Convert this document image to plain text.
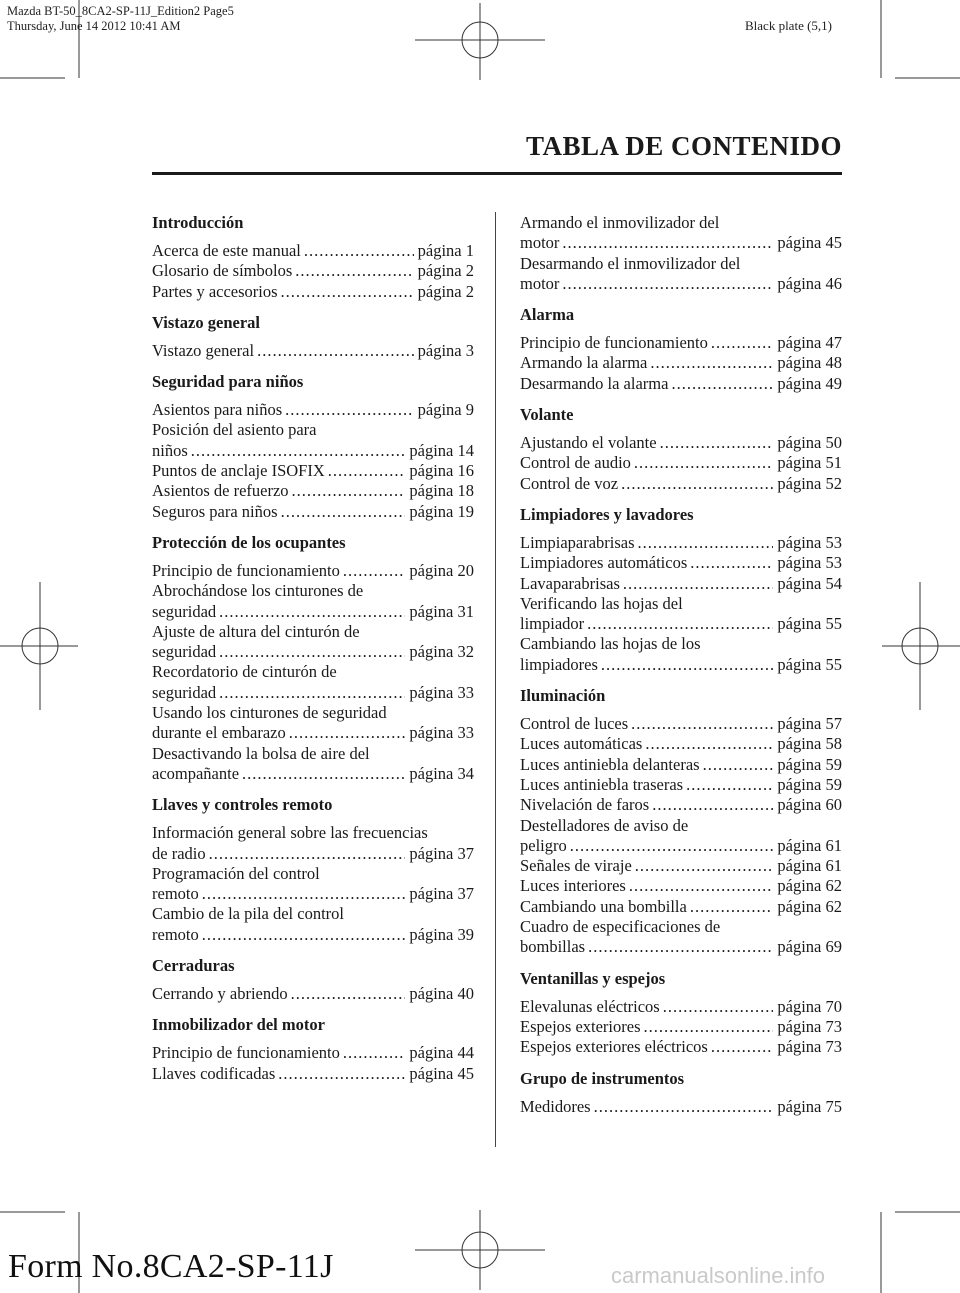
Mazda BT-50_8CA2-SP-11J_Edition2 Page5
Thursday, June 14 2012 10:41 AM	Black plate (5,1)
TABLA DE CONTENIDO
Introducción
Acerca de este manual .....	página 1
Glosario de símbolos .....	página 2
Partes y accesorios .....	página 2
Vistazo general
Vistazo general .....	página 3
Seguridad para niños
Asientos para niños .....	página 9
Posición del asiento para
niños .....	página 14
Puntos de anclaje ISOFIX .....	página 16
Asientos de refuerzo .....	página 18
Seguros para niños .....	página 19
Protección de los ocupantes
Principio de funcionamiento .....	página 20
Abrochándose los cinturones de
seguridad .....	página 31
Ajuste de altura del cinturón de
seguridad .....	página 32
Recordatorio de cinturón de
seguridad .....	página 33
Usando los cinturones de seguridad
durante el embarazo .....	página 33
Desactivando la bolsa de aire del
acompañante .....	página 34
Llaves y controles remoto
Información general sobre las frecuencias
de radio .....	página 37
Programación del control
remoto .....	página 37
Cambio de la pila del control
remoto .....	página 39
Cerraduras
Cerrando y abriendo .....	página 40
Inmobilizador del motor
Principio de funcionamiento .....	página 44
Llaves codificadas .....	página 45
Armando el inmovilizador del
motor .....	página 45
Desarmando el inmovilizador del
motor .....	página 46
Alarma
Principio de funcionamiento .....	página 47
Armando la alarma .....	página 48
Desarmando la alarma .....	página 49
Volante
Ajustando el volante .....	página 50
Control de audio .....	página 51
Control de voz .....	página 52
Limpiadores y lavadores
Limpiaparabrisas .....	página 53
Limpiadores automáticos .....	página 53
Lavaparabrisas .....	página 54
Verificando las hojas del
limpiador .....	página 55
Cambiando las hojas de los
limpiadores .....	página 55
Iluminación
Control de luces .....	página 57
Luces automáticas .....	página 58
Luces antiniebla delanteras .....	página 59
Luces antiniebla traseras .....	página 59
Nivelación de faros .....	página 60
Destelladores de aviso de
peligro .....	página 61
Señales de viraje .....	página 61
Luces interiores .....	página 62
Cambiando una bombilla .....	página 62
Cuadro de especificaciones de
bombillas .....	página 69
Ventanillas y espejos
Elevalunas eléctricos .....	página 70
Espejos exteriores .....	página 73
Espejos exteriores eléctricos .....	página 73
Grupo de instrumentos
Medidores .....	página 75
Form No.8CA2-SP-11J	carmanualsonline.info
